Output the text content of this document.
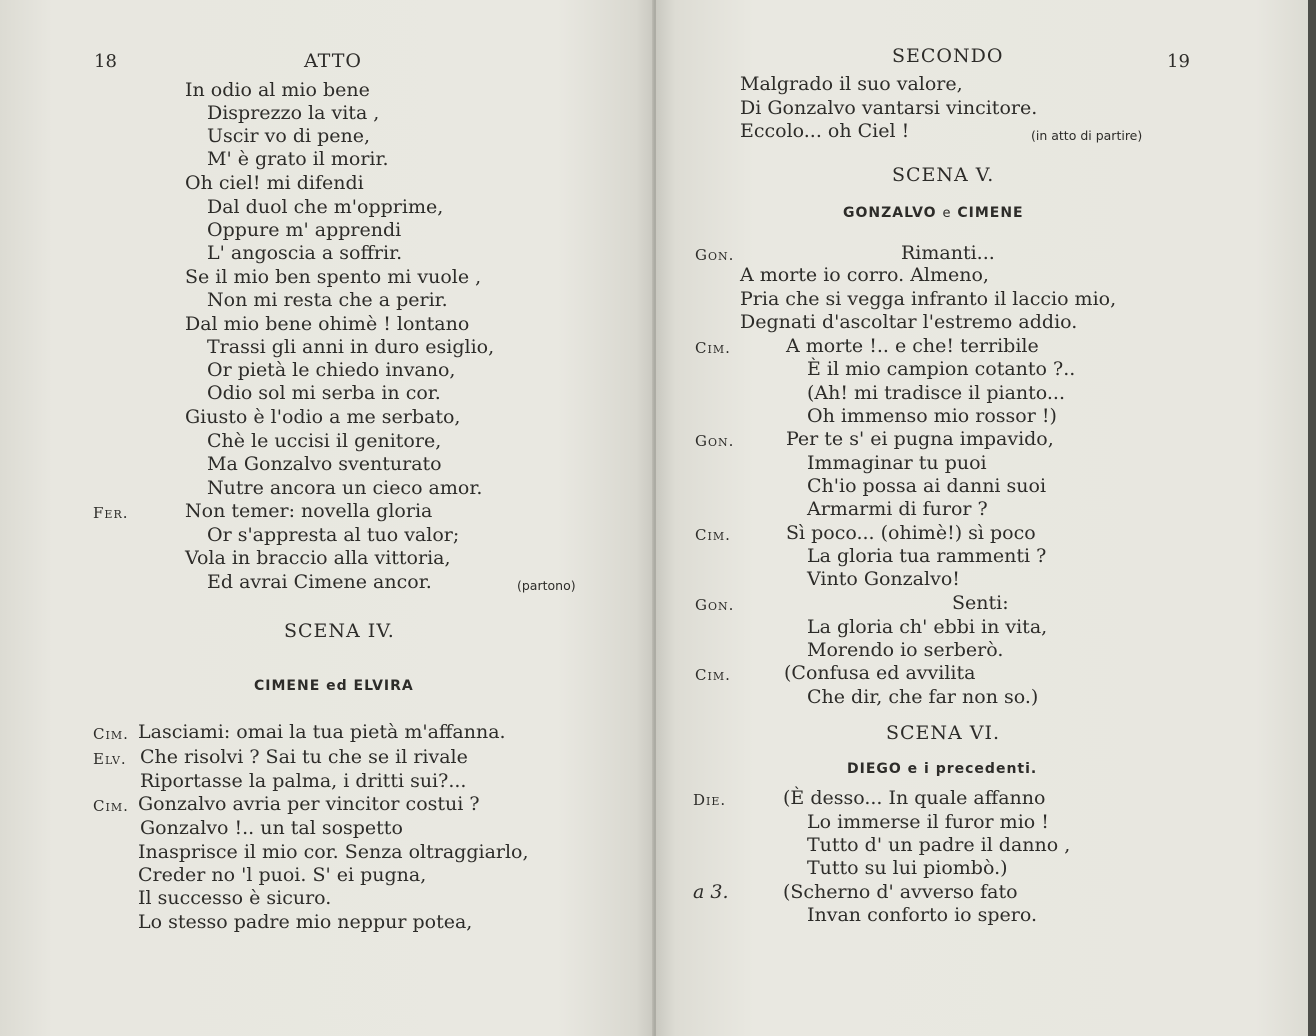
18	ATTO
In odio al mio bene
Disprezzo la vita ,
Uscir vo di pene,
M' è grato il morir.
Oh ciel! mi difendi
Dal duol che m'opprime,
Oppure m' apprendi
L' angoscia a soffrir.
Se il mio ben spento mi vuole ,
Non mi resta che a perir.
Dal mio bene ohimè ! lontano
Trassi gli anni in duro esiglio,
Or pietà le chiedo invano,
Odio sol mi serba in cor.
Giusto è l'odio a me serbato,
Chè le uccisi il genitore,
Ma Gonzalvo sventurato
Nutre ancora un cieco amor.
Fer.	Non temer: novella gloria
Or s'appresta al tuo valor;
Vola in braccio alla vittoria,
Ed avrai Cimene ancor.	(partono)
SCENA IV.
CIMENE ed ELVIRA
Cim. Lasciami: omai la tua pietà m'affanna.
Elv. Che risolvi ? Sai tu che se il rivale
Riportasse la palma, i dritti sui?...
Cim. Gonzalvo avria per vincitor costui ?
Gonzalvo !.. un tal sospetto
Inasprisce il mio cor. Senza oltraggiarlo,
Creder no 'l puoi. S' ei pugna,
Il successo è sicuro.
Lo stesso padre mio neppur potea,
SECONDO	19
Malgrado il suo valore,
Di Gonzalvo vantarsi vincitore.
Eccolo... oh Ciel !	(in atto di partire)
SCENA V.
GONZALVO e CIMENE
Gon.	Rimanti...
A morte io corro. Almeno,
Pria che si vegga infranto il laccio mio,
Degnati d'ascoltar l'estremo addio.
Cim.	A morte !.. e che! terribile
È il mio campion cotanto ?..
(Ah! mi tradisce il pianto...
Oh immenso mio rossor !)
Gon.	Per te s' ei pugna impavido,
Immaginar tu puoi
Ch'io possa ai danni suoi
Armarmi di furor ?
Cim.	Sì poco... (ohimè!) sì poco
La gloria tua rammenti ?
Vinto Gonzalvo!
Gon.	Senti:
La gloria ch' ebbi in vita,
Morendo io serberò.
Cim.	(Confusa ed avvilita
Che dir, che far non so.)
SCENA VI.
DIEGO e i precedenti.
Die.	(È desso... In quale affanno
Lo immerse il furor mio !
Tutto d' un padre il danno ,
Tutto su lui piombò.)
a 3.	(Scherno d' avverso fato
Invan conforto io spero.
